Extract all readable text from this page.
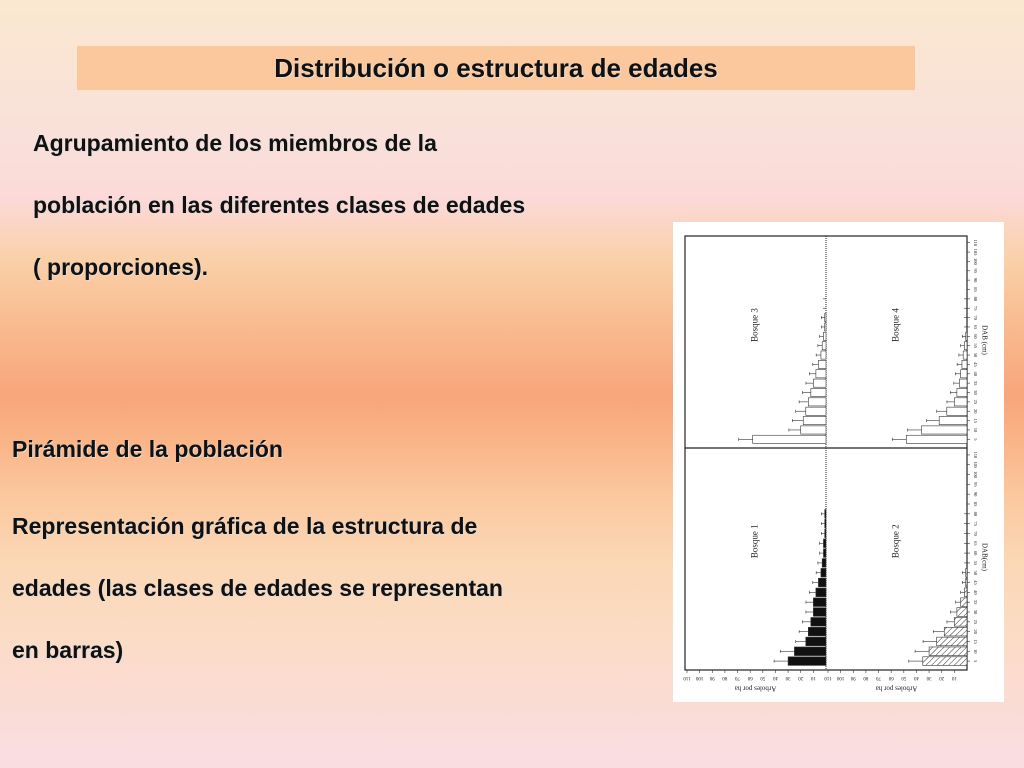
Distribución o estructura de edades
Agrupamiento de los miembros de la
población en las diferentes clases de edades
( proporciones).
Pirámide de la población
Representación gráfica de la estructura de
edades (las clases de edades se representan
en barras)
Bosque 3	Bosque 4
Bosque 1	Bosque 2
5
10
15
20
25
30
35
40
45
50
55
60
65
70
75
80
85
90
95
100
105
110
5
10
15
20
25
30
35
40
45
50
55
60
65
70
75
80
85
90
95
100
105
110
DAB (cm)
DAB(cm)
110 100 90 80 70 60 50 40 30 20 10
Arboles por ha
110 100 90 80 70 60 50 40 30 20 10
Arboles por ha
